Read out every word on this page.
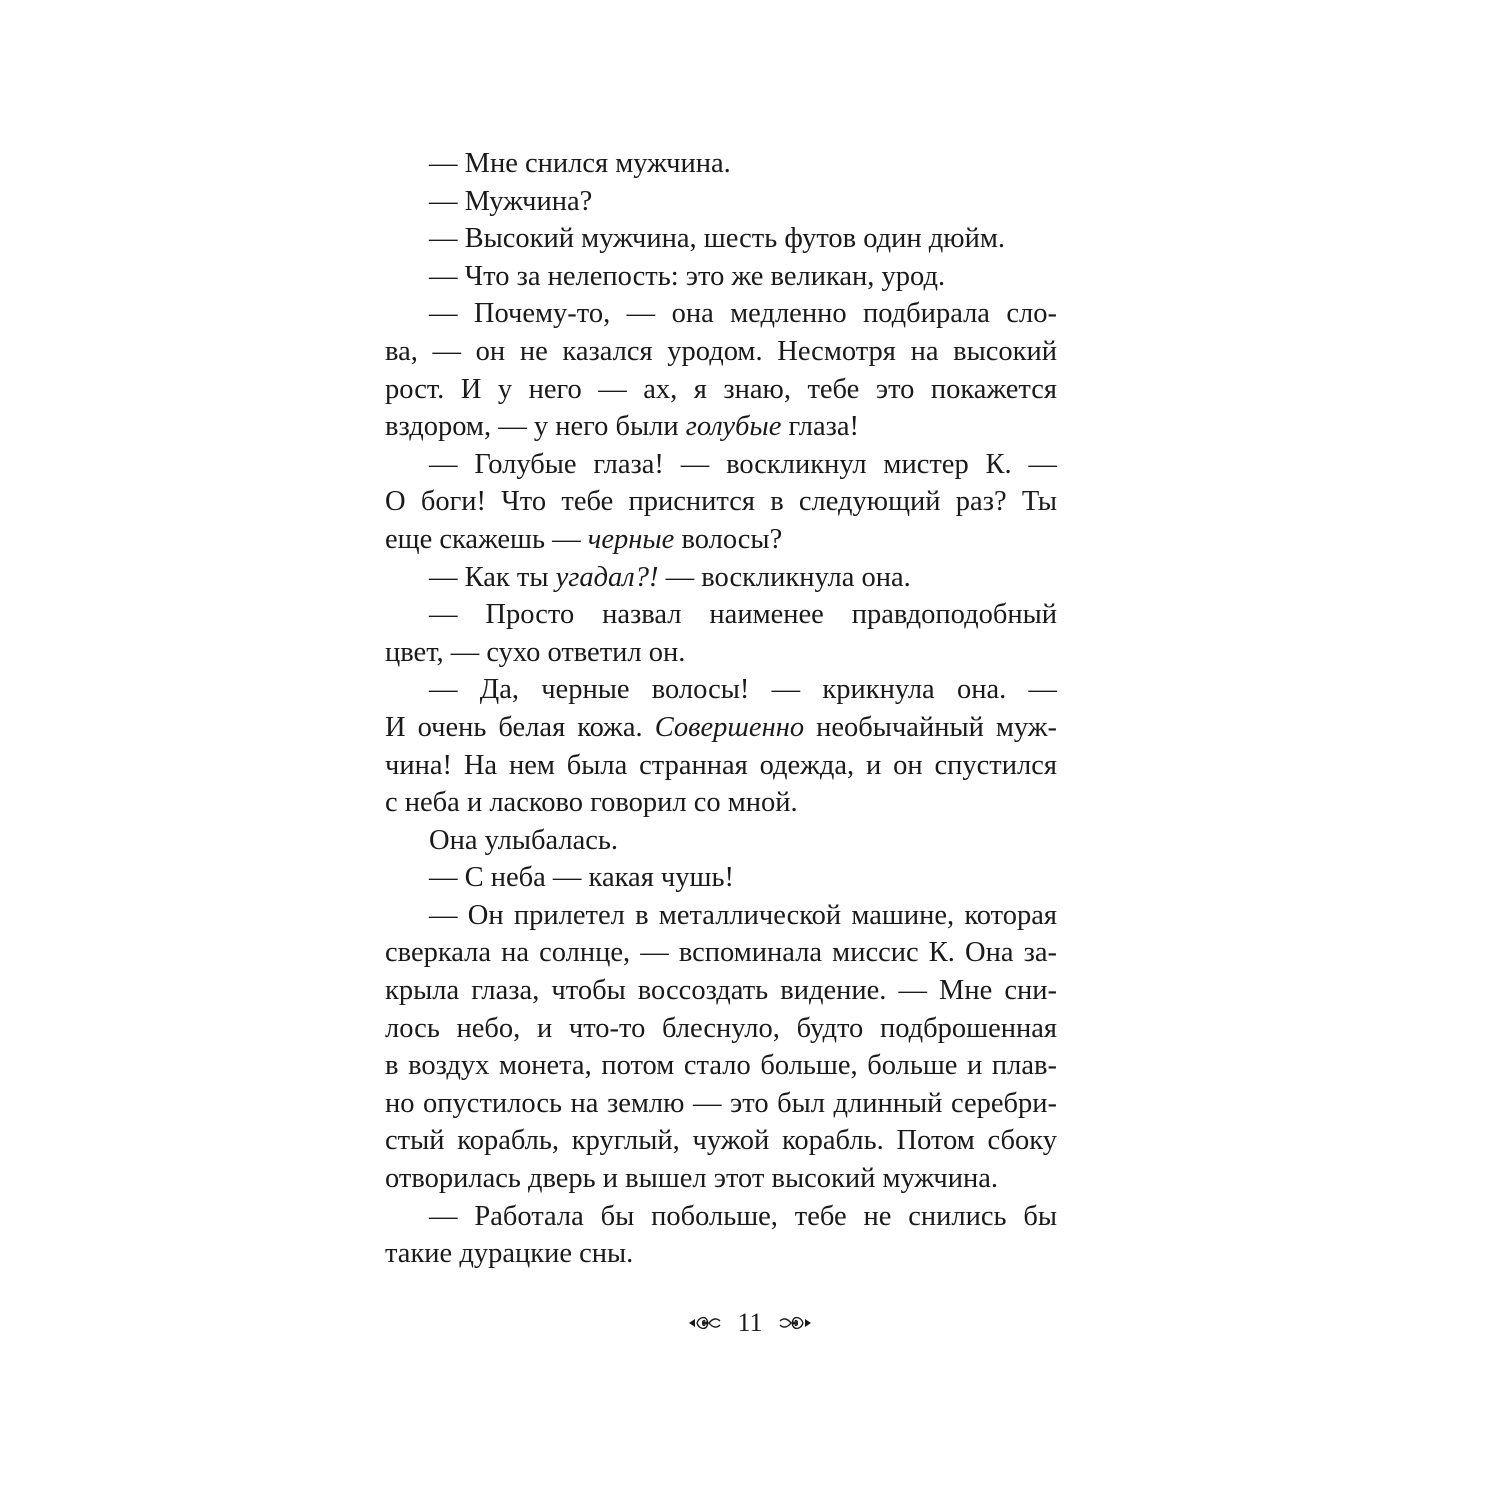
— Мне снился мужчина.
— Мужчина?
— Высокий мужчина, шесть футов один дюйм.
— Что за нелепость: это же великан, урод.
— Почему-то, — она медленно подбирала сло-
ва, — он не казался уродом. Несмотря на высокий
рост. И у него — ах, я знаю, тебе это покажется
вздором, — у него были голубые глаза!
— Голубые глаза! — воскликнул мистер К. —
О боги! Что тебе приснится в следующий раз? Ты
еще скажешь — черные волосы?
— Как ты угадал?! — воскликнула она.
— Просто назвал наименее правдоподобный
цвет, — сухо ответил он.
— Да, черные волосы! — крикнула она. —
И очень белая кожа. Совершенно необычайный муж-
чина! На нем была странная одежда, и он спустился
с неба и ласково говорил со мной.
Она улыбалась.
— С неба — какая чушь!
— Он прилетел в металлической машине, которая
сверкала на солнце, — вспоминала миссис К. Она за-
крыла глаза, чтобы воссоздать видение. — Мне сни-
лось небо, и что-то блеснуло, будто подброшенная
в воздух монета, потом стало больше, больше и плав-
но опустилось на землю — это был длинный серебри-
стый корабль, круглый, чужой корабль. Потом сбоку
отворилась дверь и вышел этот высокий мужчина.
— Работала бы побольше, тебе не снились бы
такие дурацкие сны.
11
